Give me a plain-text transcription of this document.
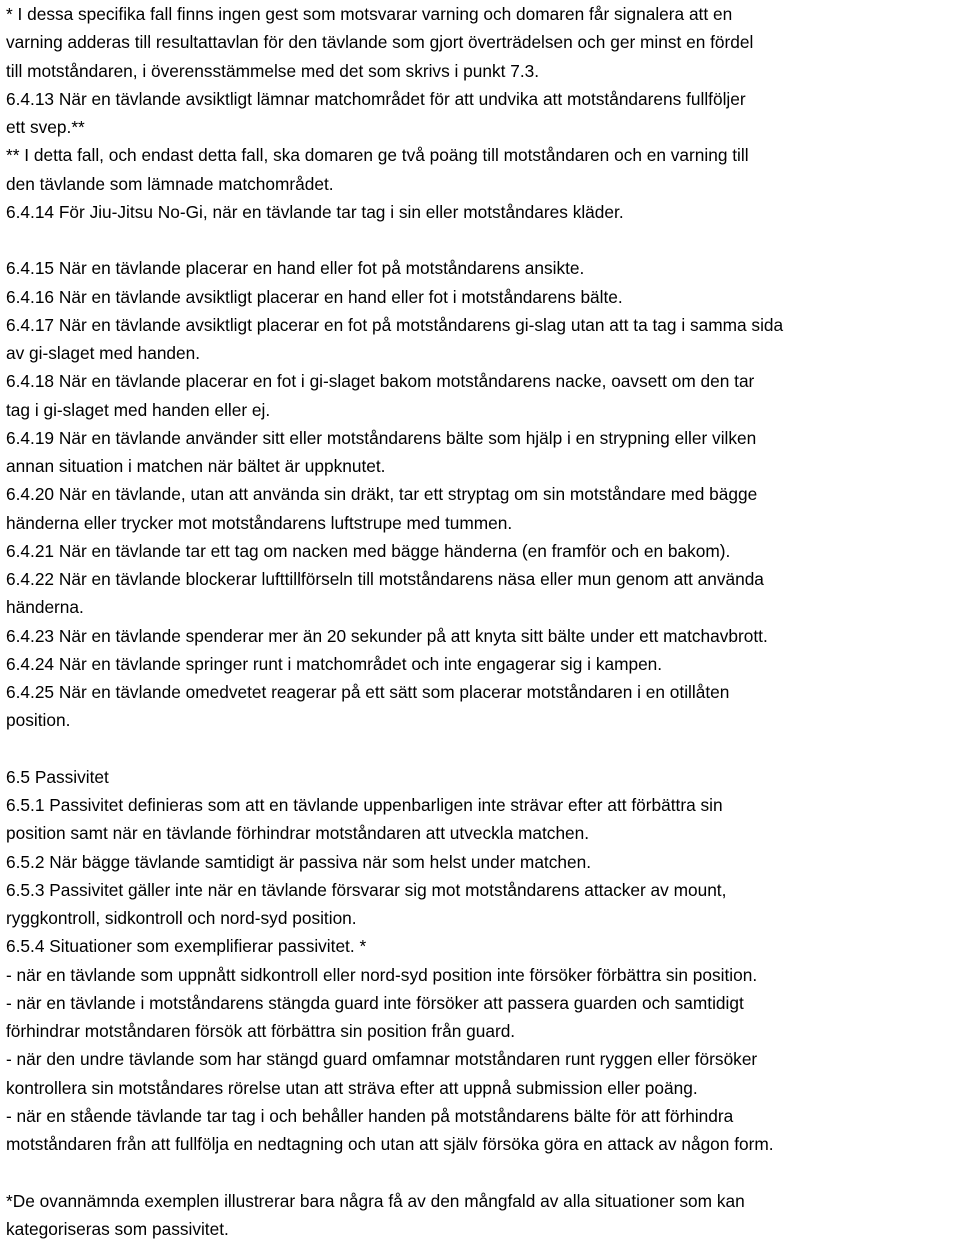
* I dessa specifika fall finns ingen gest som motsvarar varning och domaren får signalera att en
varning adderas till resultattavlan för den tävlande som gjort överträdelsen och ger minst en fördel
till motståndaren, i överensstämmelse med det som skrivs i punkt 7.3.
6.4.13 När en tävlande avsiktligt lämnar matchområdet för att undvika att motståndarens fullföljer
ett svep.**
** I detta fall, och endast detta fall, ska domaren ge två poäng till motståndaren och en varning till
den tävlande som lämnade matchområdet.
6.4.14 För Jiu-Jitsu No-Gi, när en tävlande tar tag i sin eller motståndares kläder.
6.4.15 När en tävlande placerar en hand eller fot på motståndarens ansikte.
6.4.16 När en tävlande avsiktligt placerar en hand eller fot i motståndarens bälte.
6.4.17 När en tävlande avsiktligt placerar en fot på motståndarens gi-slag utan att ta tag i samma sida
av gi-slaget med handen.
6.4.18 När en tävlande placerar en fot i gi-slaget bakom motståndarens nacke, oavsett om den tar
tag i gi-slaget med handen eller ej.
6.4.19 När en tävlande använder sitt eller motståndarens bälte som hjälp i en strypning eller vilken
annan situation i matchen när bältet är uppknutet.
6.4.20 När en tävlande, utan att använda sin dräkt, tar ett stryptag om sin motståndare med bägge
händerna eller trycker mot motståndarens luftstrupe med tummen.
6.4.21 När en tävlande tar ett tag om nacken med bägge händerna (en framför och en bakom).
6.4.22 När en tävlande blockerar lufttillförseln till motståndarens näsa eller mun genom att använda
händerna.
6.4.23 När en tävlande spenderar mer än 20 sekunder på att knyta sitt bälte under ett matchavbrott.
6.4.24 När en tävlande springer runt i matchområdet och inte engagerar sig i kampen.
6.4.25 När en tävlande omedvetet reagerar på ett sätt som placerar motståndaren i en otillåten
position.
6.5 Passivitet
6.5.1 Passivitet definieras som att en tävlande uppenbarligen inte strävar efter att förbättra sin
position samt när en tävlande förhindrar motståndaren att utveckla matchen.
6.5.2 När bägge tävlande samtidigt är passiva när som helst under matchen.
6.5.3 Passivitet gäller inte när en tävlande försvarar sig mot motståndarens attacker av mount,
ryggkontroll, sidkontroll och nord-syd position.
6.5.4 Situationer som exemplifierar passivitet. *
- när en tävlande som uppnått sidkontroll eller nord-syd position inte försöker förbättra sin position.
- när en tävlande i motståndarens stängda guard inte försöker att passera guarden och samtidigt
förhindrar motståndaren försök att förbättra sin position från guard.
- när den undre tävlande som har stängd guard omfamnar motståndaren runt ryggen eller försöker
kontrollera sin motståndares rörelse utan att sträva efter att uppnå submission eller poäng.
- när en stående tävlande tar tag i och behåller handen på motståndarens bälte för att förhindra
motståndaren från att fullfölja en nedtagning och utan att själv försöka göra en attack av någon form.
*De ovannämnda exemplen illustrerar bara några få av den mångfald av alla situationer som kan
kategoriseras som passivitet.
